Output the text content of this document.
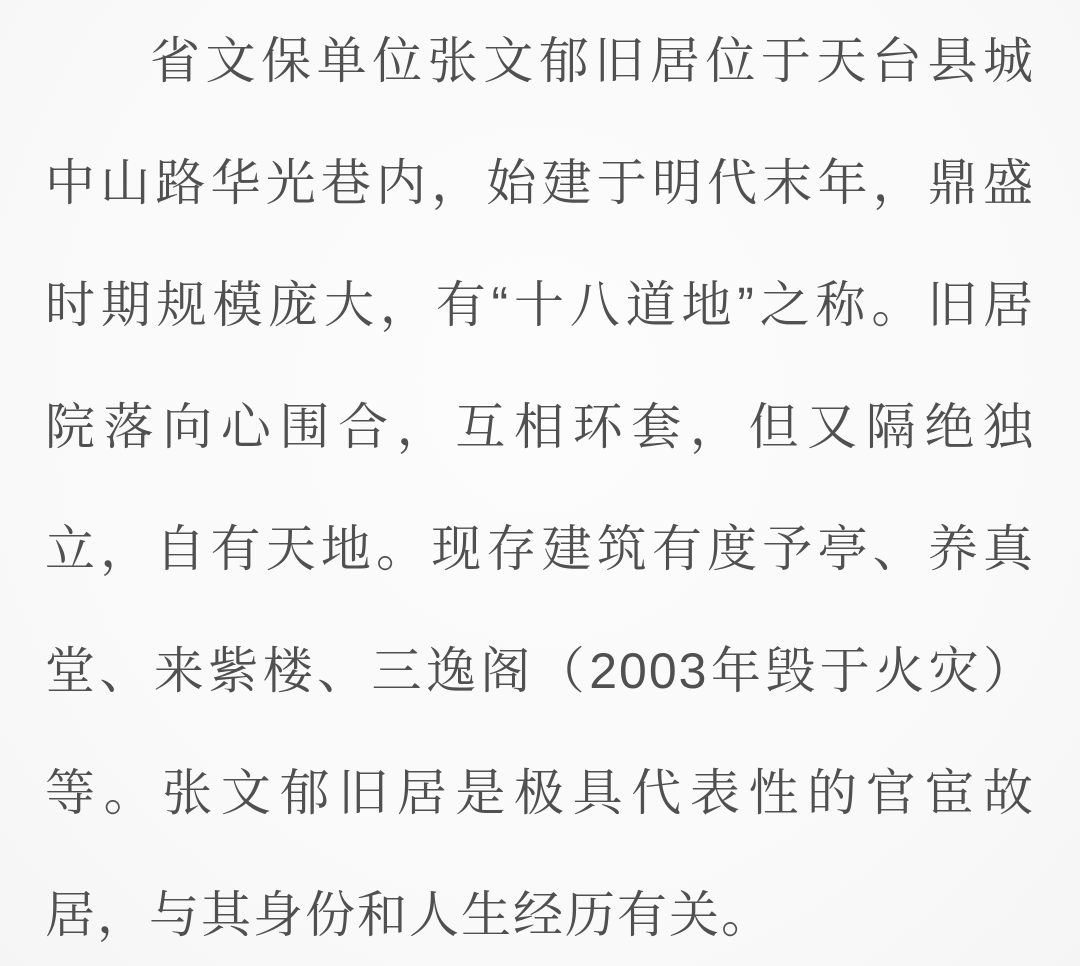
省文保单位张文郁旧居位于天台县城

中山路华光巷内，始建于明代末年，鼎盛

时期规模庞大，有“十八道地”之称。旧居

院落向心围合，互相环套，但又隔绝独

立，自有天地。现存建筑有度予亭、养真

堂、来紫楼、三逸阁（2003年毁于火灾）

等。张文郁旧居是极具代表性的官宦故

居，与其身份和人生经历有关。
